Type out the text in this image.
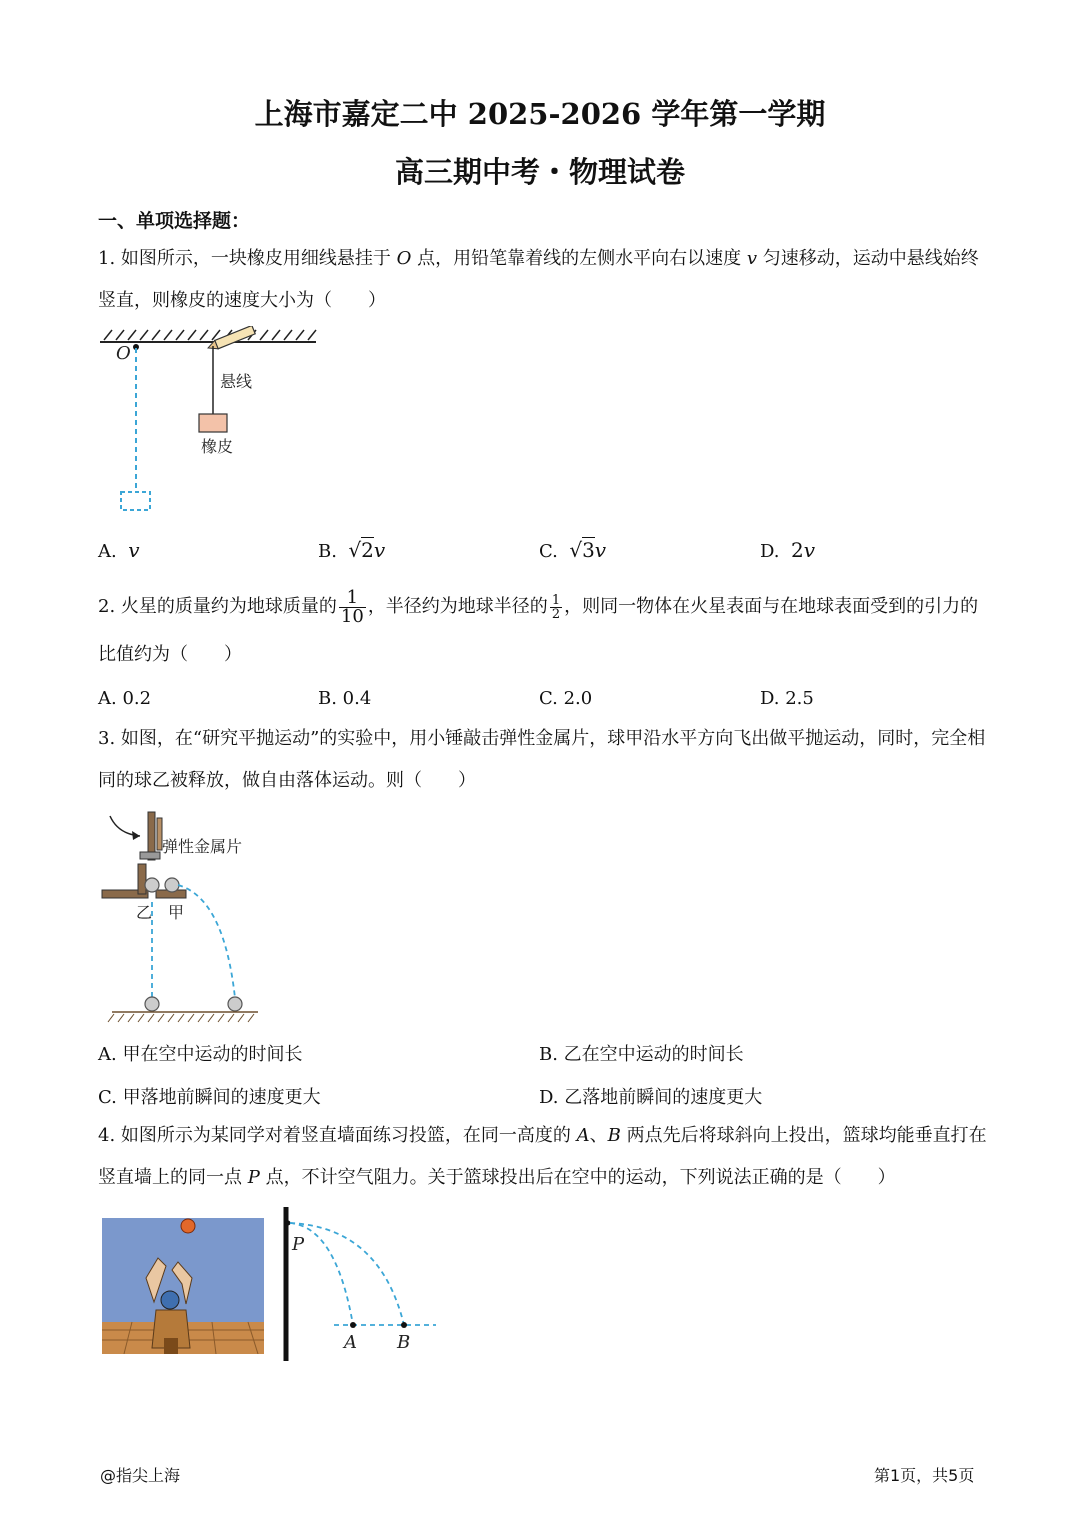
上海市嘉定二中 2025-2026 学年第一学期
高三期中考・物理试卷
一、单项选择题：
1. 如图所示，一块橡皮用细线悬挂于 O 点，用铅笔靠着线的左侧水平向右以速度 v 匀速移动，运动中悬线始终竖直，则橡皮的速度大小为（　　）
O
悬线
橡皮
A. v	B. √2v	C. √3v	D. 2v
2. 火星的质量约为地球质量的 $\frac{1}{10}$ ，半径约为地球半径的 $\frac{1}{2}$ ，则同一物体在火星表面与在地球表面受到的引力的比值约为（　　）
A. 0.2	B. 0.4	C. 2.0	D. 2.5
3. 如图，在“研究平抛运动”的实验中，用小锤敲击弹性金属片，球甲沿水平方向飞出做平抛运动，同时，完全相同的球乙被释放，做自由落体运动。则（　　）
弹性金属片
乙 甲
A. 甲在空中运动的时间长	B. 乙在空中运动的时间长
C. 甲落地前瞬间的速度更大	D. 乙落地前瞬间的速度更大
4. 如图所示为某同学对着竖直墙面练习投篮，在同一高度的 A、B 两点先后将球斜向上投出，篮球均能垂直打在竖直墙上的同一点 P 点，不计空气阻力。关于篮球投出后在空中的运动，下列说法正确的是（　　）
P
A B
@指尖上海	第1页，共5页
